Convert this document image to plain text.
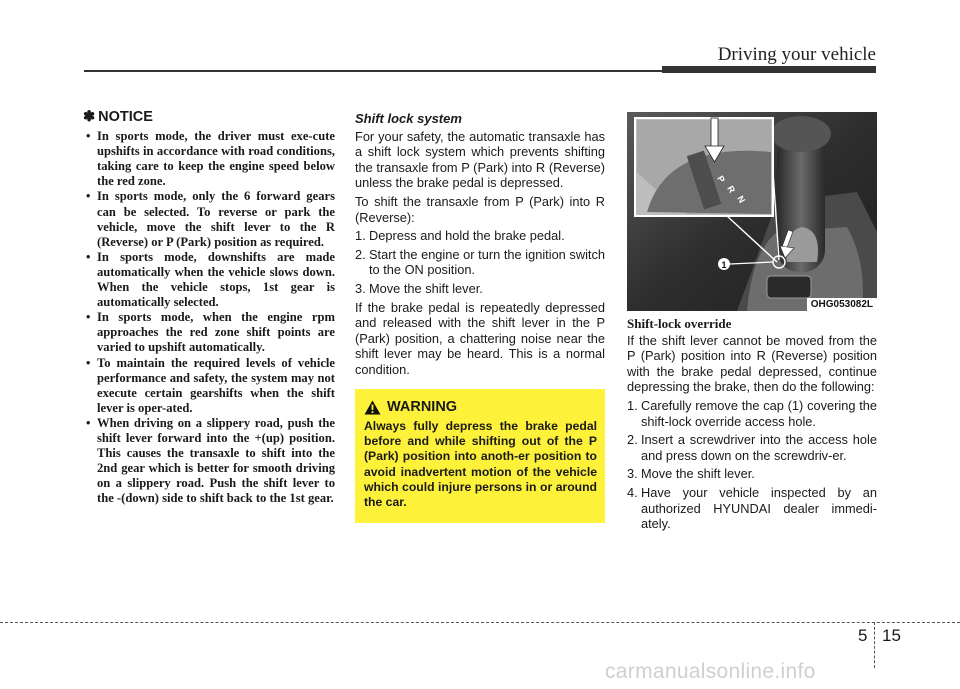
Driving your vehicle
✽ NOTICE
• In sports mode, the driver must exe-cute upshifts in accordance with road conditions, taking care to keep the engine speed below the red zone.
• In sports mode, only the 6 forward gears can be selected. To reverse or park the vehicle, move the shift lever to the R (Reverse) or P (Park) position as required.
• In sports mode, downshifts are made automatically when the vehicle slows down. When the vehicle stops, 1st gear is automatically selected.
• In sports mode, when the engine rpm approaches the red zone shift points are varied to upshift automatically.
• To maintain the required levels of vehicle performance and safety, the system may not execute certain gearshifts when the shift lever is oper-ated.
• When driving on a slippery road, push the shift lever forward into the +(up) position. This causes the transaxle to shift into the 2nd gear which is better for smooth driving on a slippery road. Push the shift lever to the -(down) side to shift back to the 1st gear.
Shift lock system

For your safety, the automatic transaxle has a shift lock system which prevents shifting the transaxle from P (Park) into R (Reverse) unless the brake pedal is depressed.

To shift the transaxle from P (Park) into R (Reverse):

1. Depress and hold the brake pedal.
2. Start the engine or turn the ignition switch to the ON position.
3. Move the shift lever.

If the brake pedal is repeatedly depressed and released with the shift lever in the P (Park) position, a chattering noise near the shift lever may be heard. This is a normal condition.

WARNING
Always fully depress the brake pedal before and while shifting out of the P (Park) position into anoth-er position to avoid inadvertent motion of the vehicle which could injure persons in or around the car.
P
R
N
1
OHG053082L
Shift-lock override

If the shift lever cannot be moved from the P (Park) position into R (Reverse) position with the brake pedal depressed, continue depressing the brake, then do the following:

1. Carefully remove the cap (1) covering the shift-lock override access hole.
2. Insert a screwdriver into the access hole and press down on the screwdriv-er.
3. Move the shift lever.
4. Have your vehicle inspected by an authorized HYUNDAI dealer immedi-ately.
5 15
carmanualsonline.info
